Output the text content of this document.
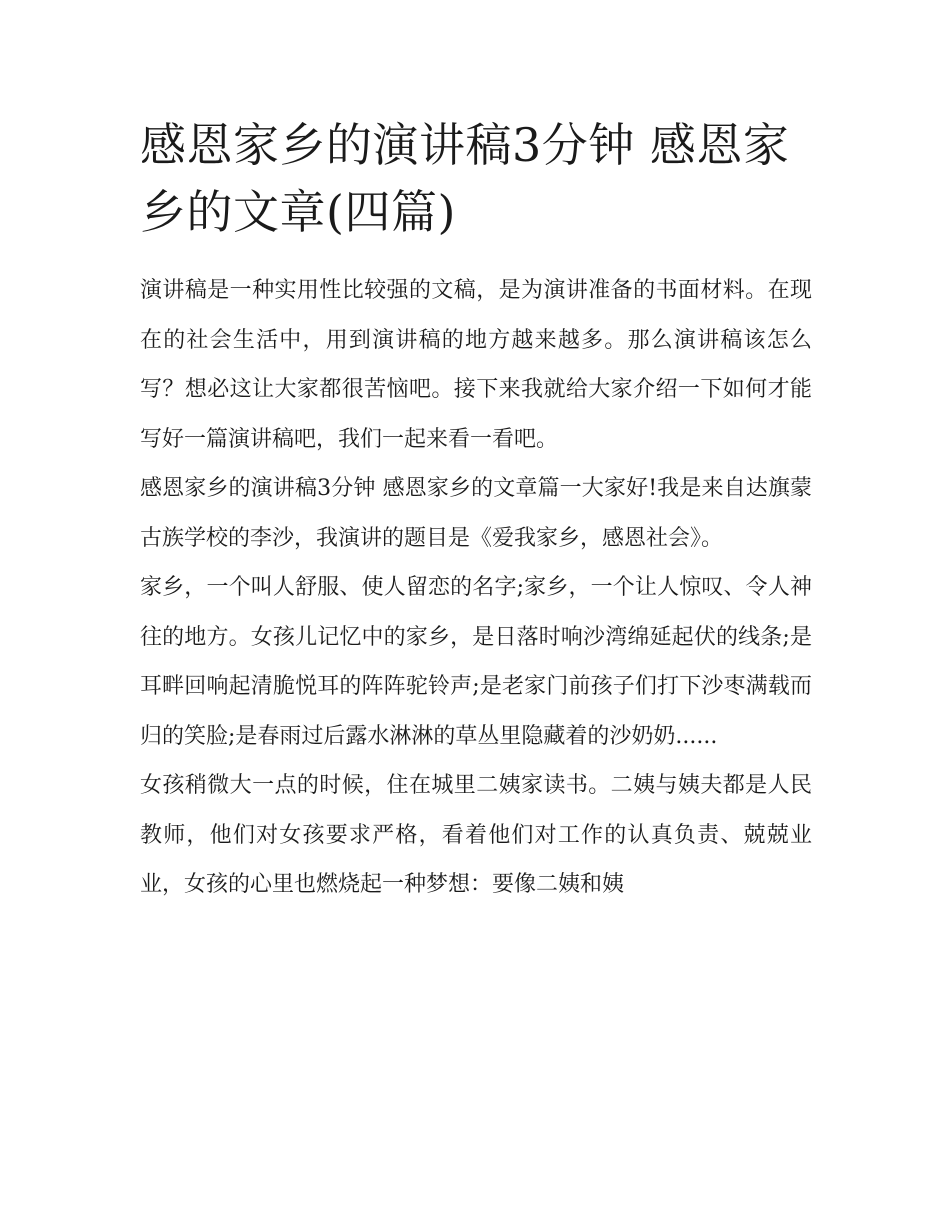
感恩家乡的演讲稿3分钟 感恩家乡的文章(四篇)

演讲稿是一种实用性比较强的文稿，是为演讲准备的书面材料。在现在的社会生活中，用到演讲稿的地方越来越多。那么演讲稿该怎么写？想必这让大家都很苦恼吧。接下来我就给大家介绍一下如何才能写好一篇演讲稿吧，我们一起来看一看吧。

感恩家乡的演讲稿3分钟 感恩家乡的文章篇一大家好!我是来自达旗蒙古族学校的李沙，我演讲的题目是《爱我家乡，感恩社会》。

家乡，一个叫人舒服、使人留恋的名字;家乡，一个让人惊叹、令人神往的地方。女孩儿记忆中的家乡，是日落时响沙湾绵延起伏的线条;是耳畔回响起清脆悦耳的阵阵驼铃声;是老家门前孩子们打下沙枣满载而归的笑脸;是春雨过后露水淋淋的草丛里隐藏着的沙奶奶......

女孩稍微大一点的时候，住在城里二姨家读书。二姨与姨夫都是人民教师，他们对女孩要求严格，看着他们对工作的认真负责、兢兢业业，女孩的心里也燃烧起一种梦想：要像二姨和姨
